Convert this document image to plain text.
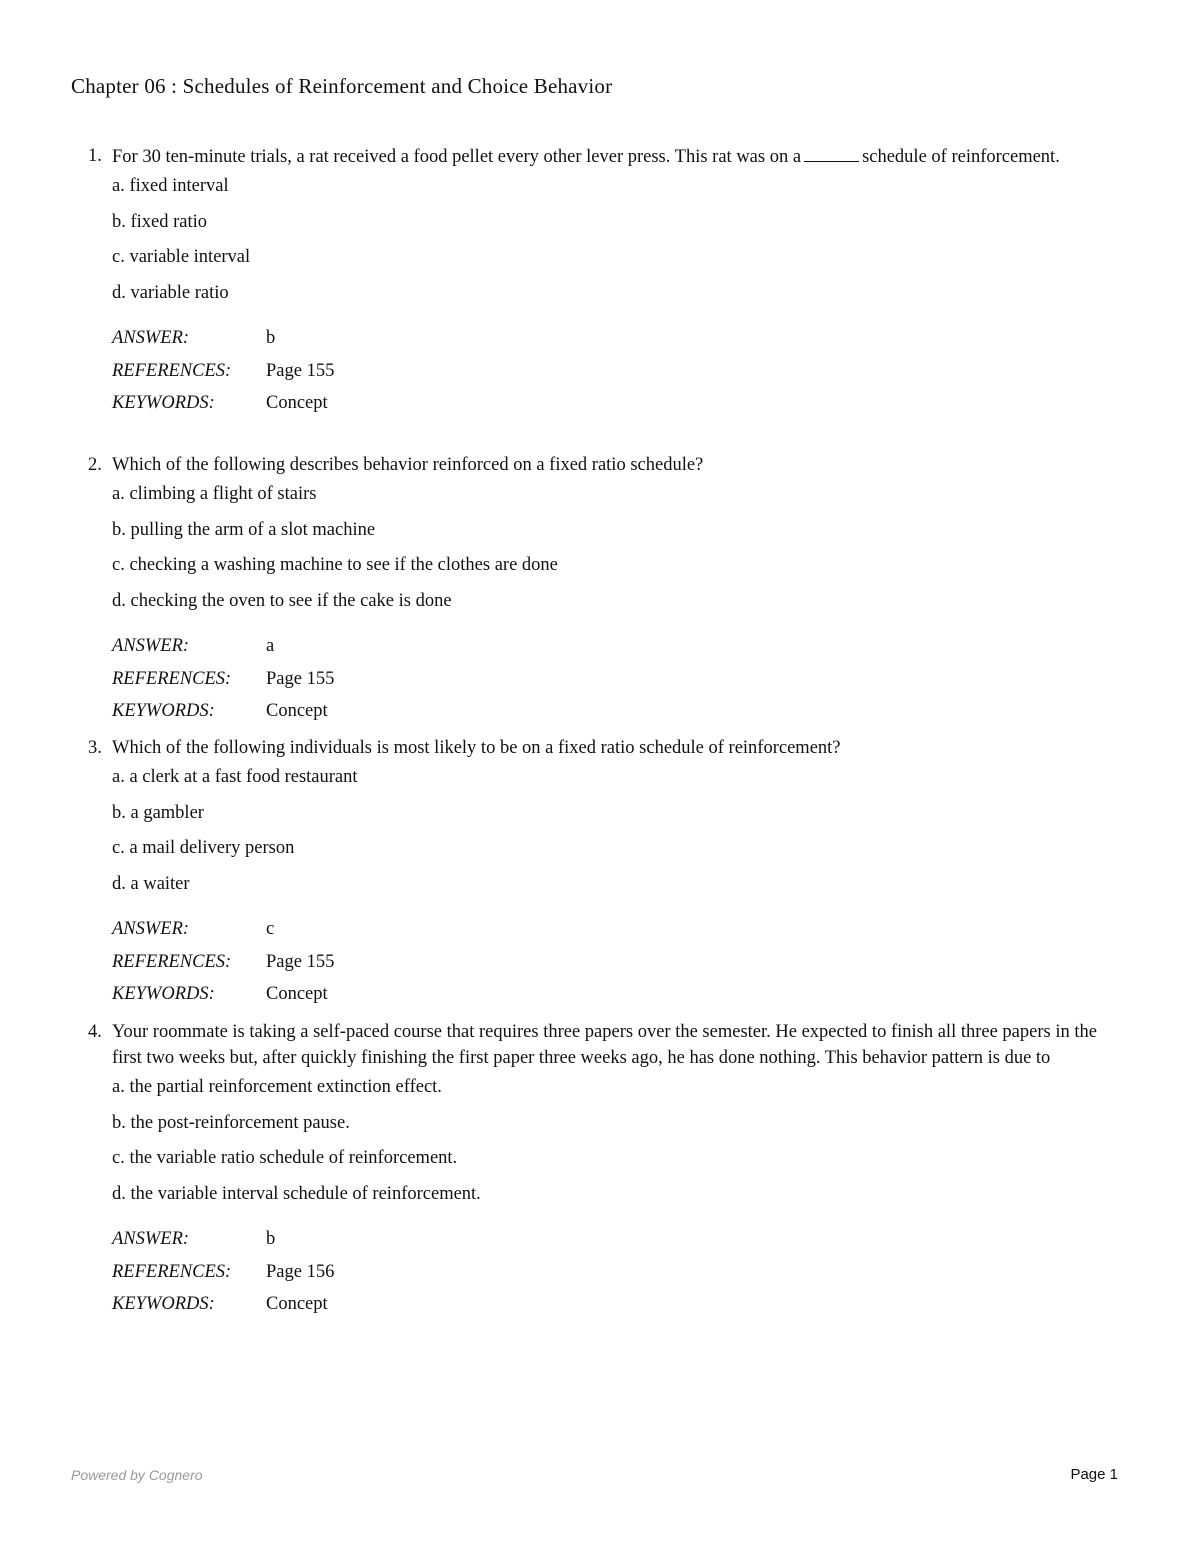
Chapter 06 : Schedules of Reinforcement and Choice Behavior
1. For 30 ten-minute trials, a rat received a food pellet every other lever press. This rat was on a	schedule of reinforcement.
a. fixed interval
b. fixed ratio
c. variable interval
d. variable ratio
ANSWER:	b
REFERENCES:	Page 155
KEYWORDS:	Concept
2. Which of the following describes behavior reinforced on a fixed ratio schedule?
a. climbing a flight of stairs
b. pulling the arm of a slot machine
c. checking a washing machine to see if the clothes are done
d. checking the oven to see if the cake is done
ANSWER:	a
REFERENCES:	Page 155
KEYWORDS:	Concept
3. Which of the following individuals is most likely to be on a fixed ratio schedule of reinforcement?
a. a clerk at a fast food restaurant
b. a gambler
c. a mail delivery person
d. a waiter
ANSWER:	c
REFERENCES:	Page 155
KEYWORDS:	Concept
4. Your roommate is taking a self-paced course that requires three papers over the semester. He expected to finish all three papers in the first two weeks but, after quickly finishing the first paper three weeks ago, he has done nothing. This behavior pattern is due to
a. the partial reinforcement extinction effect.
b. the post-reinforcement pause.
c. the variable ratio schedule of reinforcement.
d. the variable interval schedule of reinforcement.
ANSWER:	b
REFERENCES:	Page 156
KEYWORDS:	Concept
Powered by Cognero	Page 1
